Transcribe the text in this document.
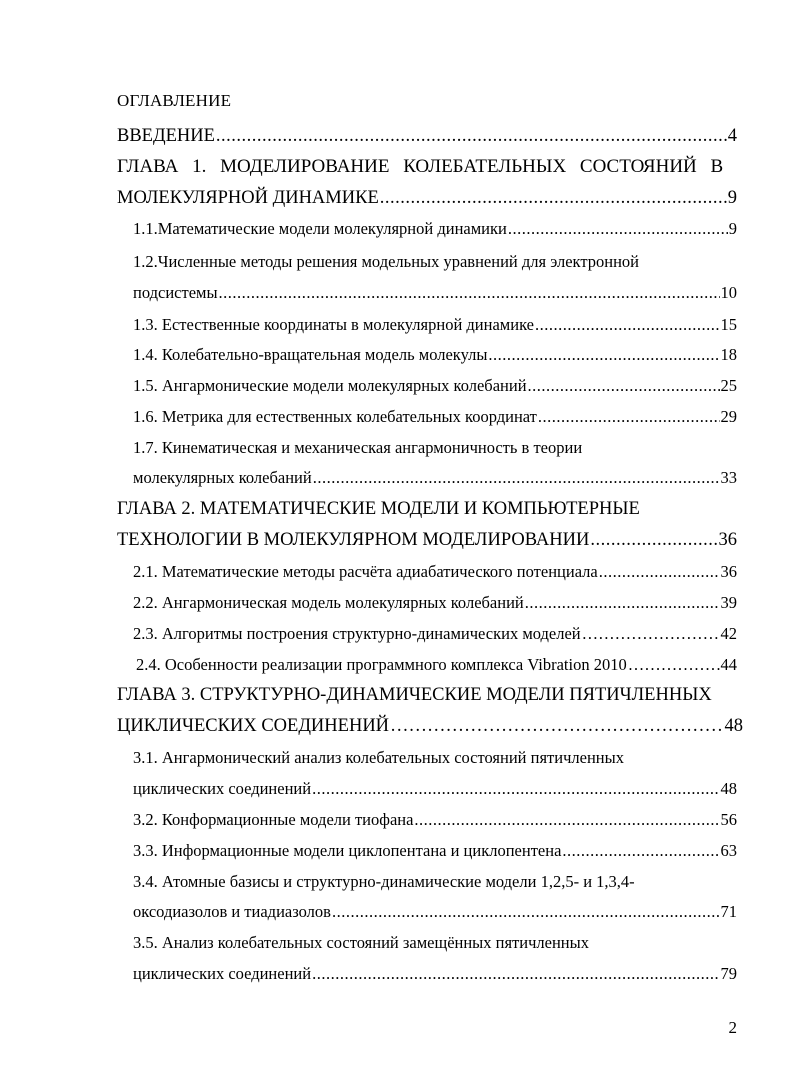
ОГЛАВЛЕНИЕ
ВВЕДЕНИЕ .....	4
ГЛАВА 1. МОДЕЛИРОВАНИЕ КОЛЕБАТЕЛЬНЫХ СОСТОЯНИЙ В
МОЛЕКУЛЯРНОЙ ДИНАМИКЕ .....	9
1.1.Математические модели молекулярной динамики .....	9
1.2.Численные методы решения модельных уравнений для электронной
подсистемы .....	10
1.3. Естественные координаты в молекулярной динамике .....	15
1.4. Колебательно-вращательная модель молекулы .....	18
1.5. Ангармонические модели молекулярных колебаний .....	25
1.6. Метрика для естественных колебательных координат .....	29
1.7. Кинематическая и механическая ангармоничность в теории
молекулярных колебаний .....	33
ГЛАВА 2. МАТЕМАТИЧЕСКИЕ МОДЕЛИ И КОМПЬЮТЕРНЫЕ
ТЕХНОЛОГИИ В МОЛЕКУЛЯРНОМ МОДЕЛИРОВАНИИ .....	36
2.1. Математические методы расчёта адиабатического потенциала .....	36
2.2. Ангармоническая модель молекулярных колебаний .....	39
2.3. Алгоритмы построения структурно-динамических моделей ……………………………………………………………………………………………………………………………	42
2.4. Особенности реализации программного комплекса Vibration 2010 ……………………………………………………………………………………………………………………………	44
ГЛАВА 3. СТРУКТУРНО-ДИНАМИЧЕСКИЕ МОДЕЛИ ПЯТИЧЛЕННЫХ
ЦИКЛИЧЕСКИХ СОЕДИНЕНИЙ ……………………………………………………………………………………………………………………………	48
3.1. Ангармонический анализ колебательных состояний пятичленных
циклических соединений .....	48
3.2. Конформационные модели тиофана .....	56
3.3. Информационные модели циклопентана и циклопентена .....	63
3.4. Атомные базисы и структурно-динамические модели 1,2,5- и 1,3,4-
оксодиазолов и тиадиазолов .....	71
3.5. Анализ колебательных состояний замещённых пятичленных
циклических соединений .....	79
2
